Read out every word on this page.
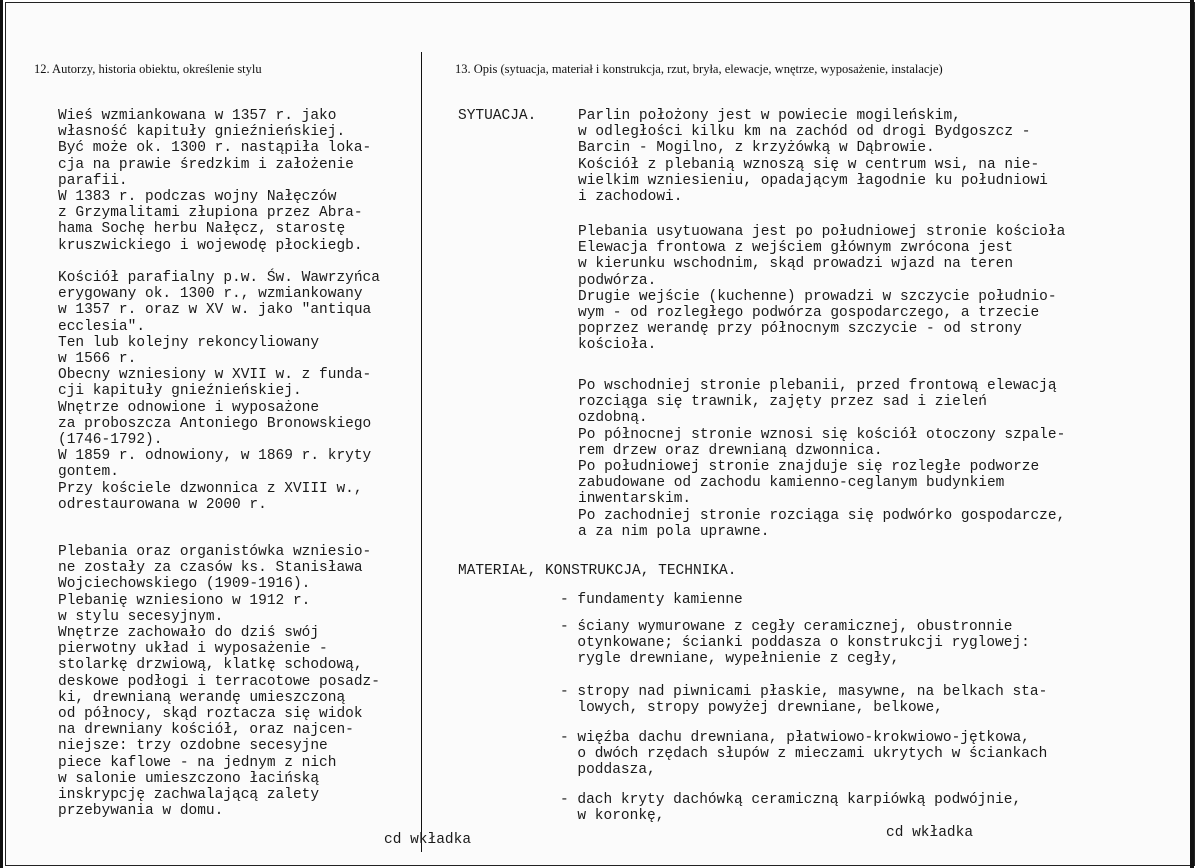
12. Autorzy, historia obiektu, określenie stylu	13. Opis (sytuacja, materiał i konstrukcja, rzut, bryła, elewacje, wnętrze, wyposażenie, instalacje)
Wieś wzmiankowana w 1357 r. jako
własność kapituły gnieźnieńskiej.
Być może ok. 1300 r. nastąpiła loka-
cja na prawie średzkim i założenie
parafii.
W 1383 r. podczas wojny Nałęczów
z Grzymalitami złupiona przez Abra-
hama Sochę herbu Nałęcz, starostę
kruszwickiego i wojewodę płockiegb.
Kościół parafialny p.w. Św. Wawrzyńca
erygowany ok. 1300 r., wzmiankowany
w 1357 r. oraz w XV w. jako "antiqua
ecclesia".
Ten lub kolejny rekoncyliowany
w 1566 r.
Obecny wzniesiony w XVII w. z funda-
cji kapituły gnieźnieńskiej.
Wnętrze odnowione i wyposażone
za proboszcza Antoniego Bronowskiego
(1746-1792).
W 1859 r. odnowiony, w 1869 r. kryty
gontem.
Przy kościele dzwonnica z XVIII w.,
odrestaurowana w 2000 r.
Plebania oraz organistówka wzniesio-
ne zostały za czasów ks. Stanisława
Wojciechowskiego (1909-1916).
Plebanię wzniesiono w 1912 r.
w stylu secesyjnym.
Wnętrze zachowało do dziś swój
pierwotny układ i wyposażenie -
stolarkę drzwiową, klatkę schodową,
deskowe podłogi i terracotowe posadz-
ki, drewnianą werandę umieszczoną
od północy, skąd roztacza się widok
na drewniany kościół, oraz najcen-
niejsze: trzy ozdobne secesyjne
piece kaflowe - na jednym z nich
w salonie umieszczono łacińską
inskrypcję zachwalającą zalety
przebywania w domu.
cd wkładka
SYTUACJA.	Parlin położony jest w powiecie mogileńskim,
w odległości kilku km na zachód od drogi Bydgoszcz -
Barcin - Mogilno, z krzyżówką w Dąbrowie.
Kościół z plebanią wznoszą się w centrum wsi, na nie-
wielkim wzniesieniu, opadającym łagodnie ku południowi
i zachodowi.
Plebania usytuowana jest po południowej stronie kościoła
Elewacja frontowa z wejściem głównym zwrócona jest
w kierunku wschodnim, skąd prowadzi wjazd na teren
podwórza.
Drugie wejście (kuchenne) prowadzi w szczycie południo-
wym - od rozległego podwórza gospodarczego, a trzecie
poprzez werandę przy północnym szczycie - od strony
kościoła.
Po wschodniej stronie plebanii, przed frontową elewacją
rozciąga się trawnik, zajęty przez sad i zieleń
ozdobną.
Po północnej stronie wznosi się kościół otoczony szpale-
rem drzew oraz drewnianą dzwonnica.
Po południowej stronie znajduje się rozległe podworze
zabudowane od zachodu kamienno-ceglanym budynkiem
inwentarskim.
Po zachodniej stronie rozciąga się podwórko gospodarcze,
a za nim pola uprawne.
MATERIAŁ, KONSTRUKCJA, TECHNIKA.
- fundamenty kamienne
- ściany wymurowane z cegły ceramicznej, obustronnie
otynkowane; ścianki poddasza o konstrukcji ryglowej:
rygle drewniane, wypełnienie z cegły,
- stropy nad piwnicami płaskie, masywne, na belkach sta-
lowych, stropy powyżej drewniane, belkowe,
- więźba dachu drewniana, płatwiowo-krokwiowo-jętkowa,
o dwóch rzędach słupów z mieczami ukrytych w ściankach
poddasza,
- dach kryty dachówką ceramiczną karpiówką podwójnie,
w koronkę,
cd wkładka
